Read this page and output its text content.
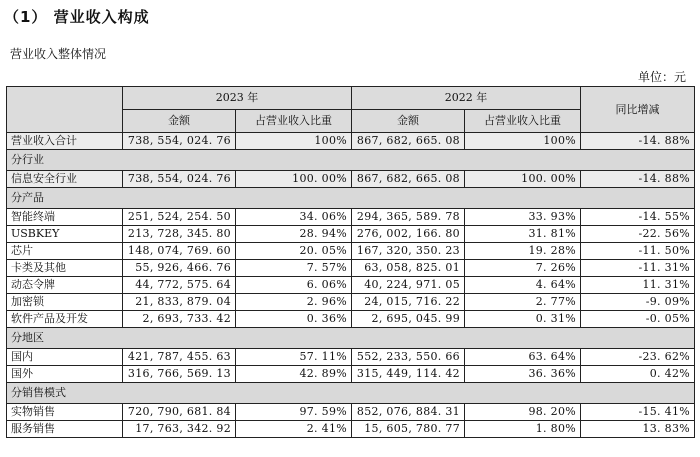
（1） 营业收入构成
营业收入整体情况
单位：元
	2023 年		2022 年		同比增减
	金额	占营业收入比重	金额	占营业收入比重	
营业收入合计	738, 554, 024. 76	100%	867, 682, 665. 08	100%	-14. 88%
分行业					
信息安全行业	738, 554, 024. 76	100. 00%	867, 682, 665. 08	100. 00%	-14. 88%
分产品					
智能终端	251, 524, 254. 50	34. 06%	294, 365, 589. 78	33. 93%	-14. 55%
USBKEY	213, 728, 345. 80	28. 94%	276, 002, 166. 80	31. 81%	-22. 56%
芯片	148, 074, 769. 60	20. 05%	167, 320, 350. 23	19. 28%	-11. 50%
卡类及其他	55, 926, 466. 76	7. 57%	63, 058, 825. 01	7. 26%	-11. 31%
动态令牌	44, 772, 575. 64	6. 06%	40, 224, 971. 05	4. 64%	11. 31%
加密锁	21, 833, 879. 04	2. 96%	24, 015, 716. 22	2. 77%	-9. 09%
软件产品及开发	2, 693, 733. 42	0. 36%	2, 695, 045. 99	0. 31%	-0. 05%
分地区					
国内	421, 787, 455. 63	57. 11%	552, 233, 550. 66	63. 64%	-23. 62%
国外	316, 766, 569. 13	42. 89%	315, 449, 114. 42	36. 36%	0. 42%
分销售模式					
实物销售	720, 790, 681. 84	97. 59%	852, 076, 884. 31	98. 20%	-15. 41%
服务销售	17, 763, 342. 92	2. 41%	15, 605, 780. 77	1. 80%	13. 83%
